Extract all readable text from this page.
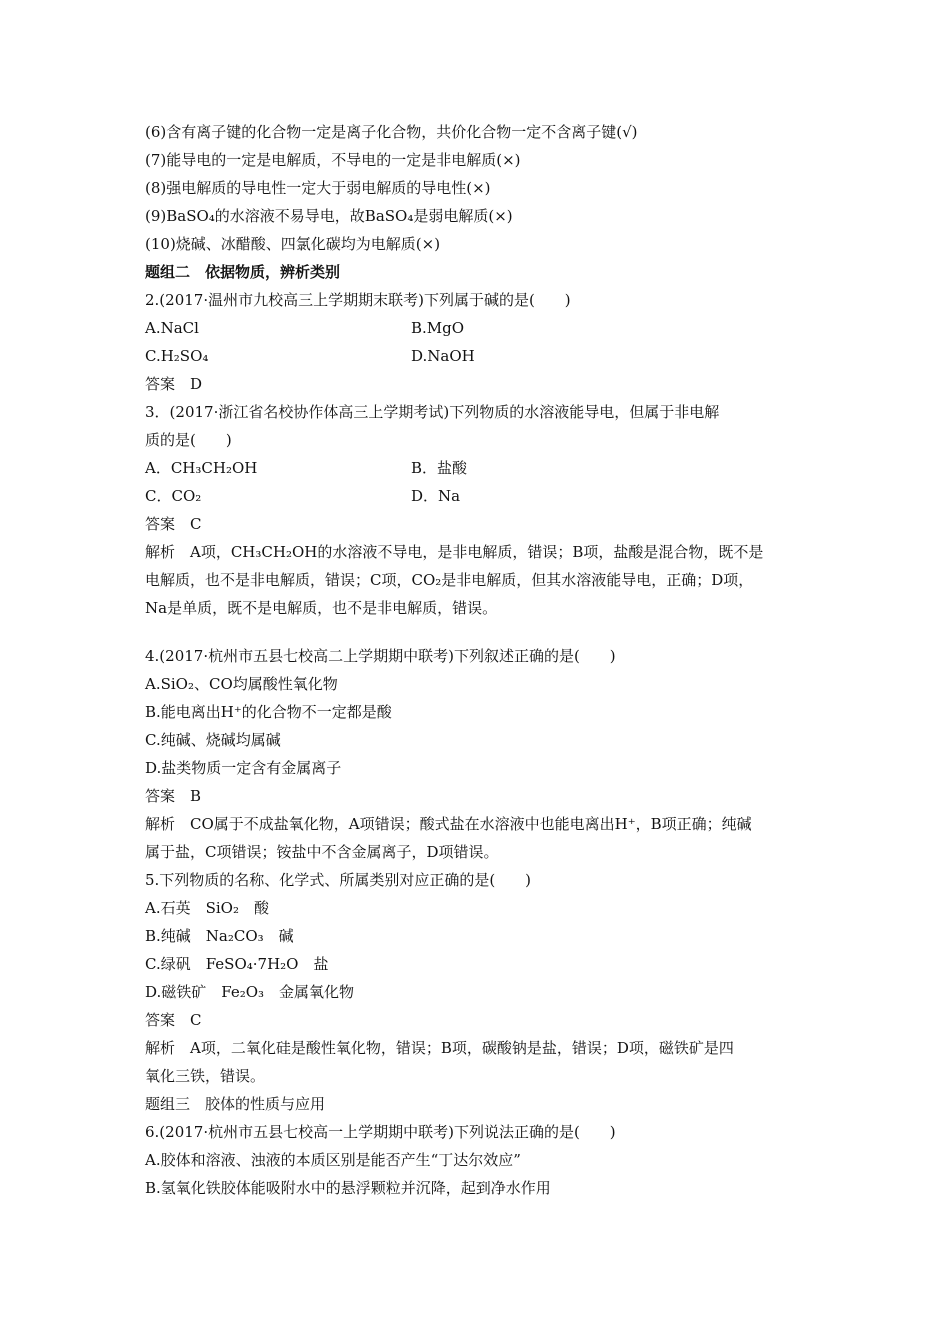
(6)含有离子键的化合物一定是离子化合物，共价化合物一定不含离子键(√)
(7)能导电的一定是电解质，不导电的一定是非电解质(×)
(8)强电解质的导电性一定大于弱电解质的导电性(×)
(9)BaSO₄的水溶液不易导电，故BaSO₄是弱电解质(×)
(10)烧碱、冰醋酸、四氯化碳均为电解质(×)
题组二　依据物质，辨析类别
2.(2017·温州市九校高三上学期期末联考)下列属于碱的是(　　)
A.NaCl	B.MgO
C.H₂SO₄	D.NaOH
答案　D
3．(2017·浙江省名校协作体高三上学期考试)下列物质的水溶液能导电，但属于非电解
质的是(　　)
A．CH₃CH₂OH	B．盐酸
C．CO₂	D．Na
答案　C
解析　A项，CH₃CH₂OH的水溶液不导电，是非电解质，错误；B项，盐酸是混合物，既不是
电解质，也不是非电解质，错误；C项，CO₂是非电解质，但其水溶液能导电，正确；D项，
Na是单质，既不是电解质，也不是非电解质，错误。
4.(2017·杭州市五县七校高二上学期期中联考)下列叙述正确的是(　　)
A.SiO₂、CO均属酸性氧化物
B.能电离出H⁺的化合物不一定都是酸
C.纯碱、烧碱均属碱
D.盐类物质一定含有金属离子
答案　B
解析　CO属于不成盐氧化物，A项错误；酸式盐在水溶液中也能电离出H⁺，B项正确；纯碱
属于盐，C项错误；铵盐中不含金属离子，D项错误。
5.下列物质的名称、化学式、所属类别对应正确的是(　　)
A.石英　SiO₂　酸
B.纯碱　Na₂CO₃　碱
C.绿矾　FeSO₄·7H₂O　盐
D.磁铁矿　Fe₂O₃　金属氧化物
答案　C
解析　A项，二氧化硅是酸性氧化物，错误；B项，碳酸钠是盐，错误；D项，磁铁矿是四
氧化三铁，错误。
题组三　胶体的性质与应用
6.(2017·杭州市五县七校高一上学期期中联考)下列说法正确的是(　　)
A.胶体和溶液、浊液的本质区别是能否产生“丁达尔效应”
B.氢氧化铁胶体能吸附水中的悬浮颗粒并沉降，起到净水作用
